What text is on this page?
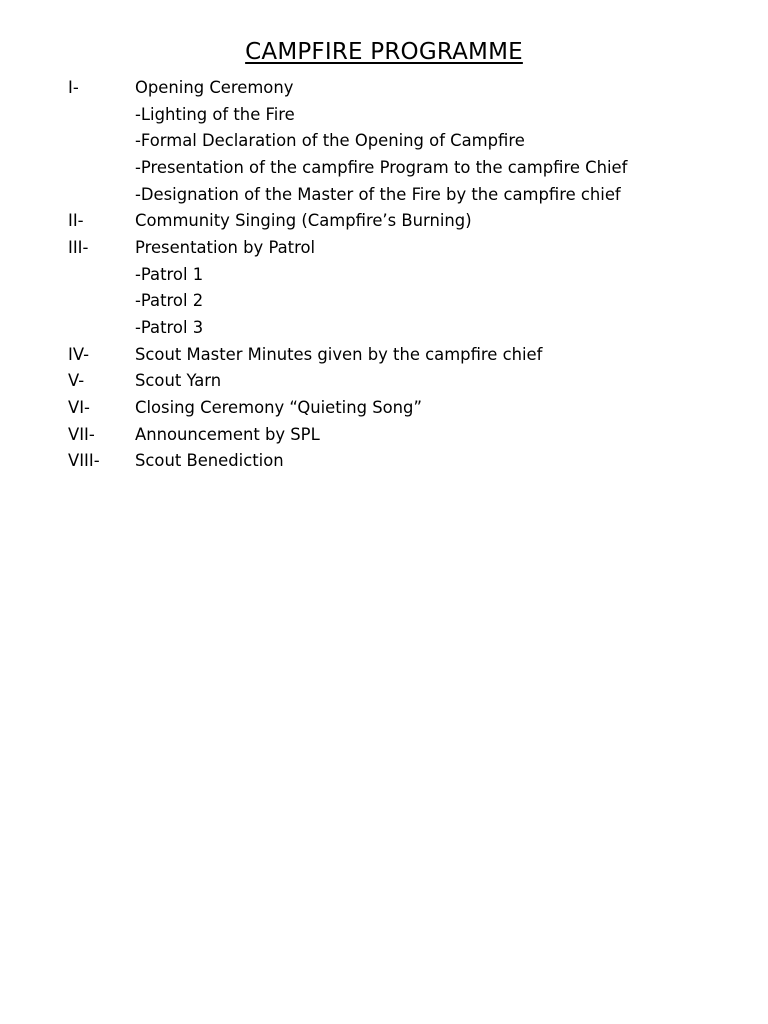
CAMPFIRE PROGRAMME
I-	Opening Ceremony
-Lighting of the Fire
-Formal Declaration of the Opening of Campfire
-Presentation of the campfire Program to the campfire Chief
-Designation of the Master of the Fire by the campfire chief
II-	Community Singing (Campfire’s Burning)
III-	Presentation by Patrol
-Patrol 1
-Patrol 2
-Patrol 3
IV-	Scout Master Minutes given by the campfire chief
V-	Scout Yarn
VI-	Closing Ceremony “Quieting Song”
VII-	Announcement by SPL
VIII-	Scout Benediction
